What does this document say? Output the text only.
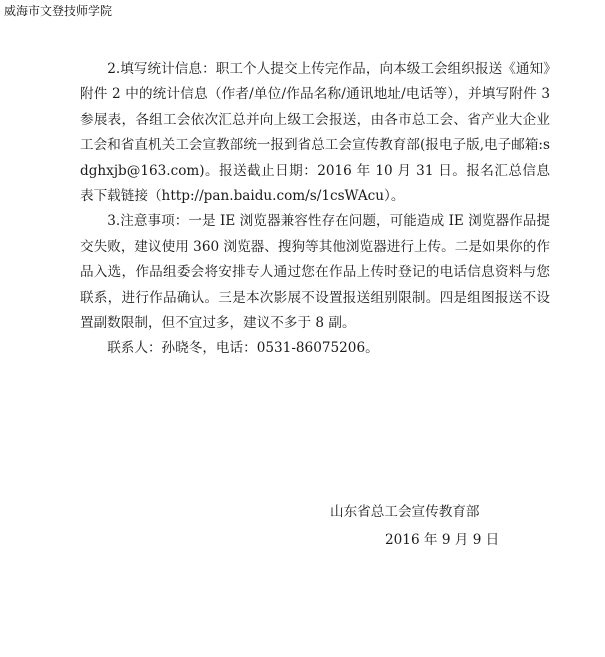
威海市文登技师学院

2.填写统计信息：职工个人提交上传完作品，向本级工会组织报送《通知》附件 2 中的统计信息（作者/单位/作品名称/通讯地址/电话等），并填写附件 3 参展表，各组工会依次汇总并向上级工会报送，由各市总工会、省产业大企业工会和省直机关工会宣教部统一报到省总工会宣传教育部(报电子版,电子邮箱:sdghxjb@163.com)。报送截止日期：2016 年 10 月 31 日。报名汇总信息表下载链接（http://pan.baidu.com/s/1csWAcu）。

3.注意事项：一是 IE 浏览器兼容性存在问题，可能造成 IE 浏览器作品提交失败，建议使用 360 浏览器、搜狗等其他浏览器进行上传。二是如果你的作品入选，作品组委会将安排专人通过您在作品上传时登记的电话信息资料与您联系，进行作品确认。三是本次影展不设置报送组别限制。四是组图报送不设置副数限制，但不宜过多，建议不多于 8 副。

联系人：孙晓冬，电话：0531-86075206。

山东省总工会宣传教育部
2016 年 9 月 9 日
